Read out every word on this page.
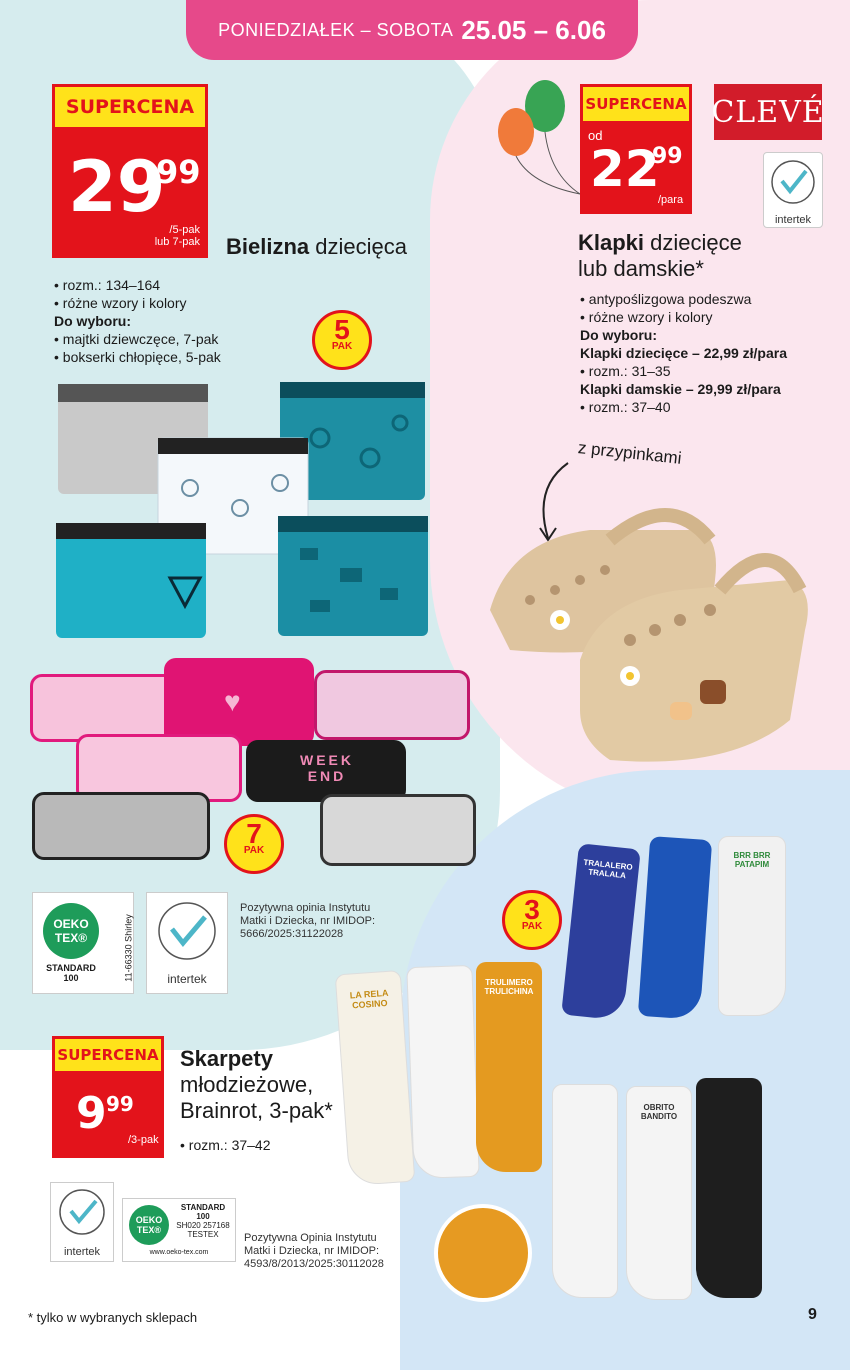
PONIEDZIAŁEK – SOBOTA 25.05 – 6.06
SUPERCENA
29
99
/5-pak
lub 7-pak Bielizna dziecięca
• rozm.: 134–164
• różne wzory i kolory
Do wyboru:
• majtki dziewczęce, 7-pak
• bokserki chłopięce, 5-pak
5
PAK
♥
WEEK END
7
PAK
SUPERCENA
od
22
99
/para
CLEVÉ
intertek
Klapki dziecięce
lub damskie*
• antypoślizgowa podeszwa
• różne wzory i kolory
Do wyboru:
Klapki dziecięce – 22,99 zł/para
• rozm.: 31–35
Klapki damskie – 29,99 zł/para
• rozm.: 37–40
z przypinkami
OEKO
TEX®
STANDARD
100	11-66330 Shirley
intertek
Pozytywna opinia Instytutu
Matki i Dziecka, nr IMIDOP:
5666/2025:31122028
3
PAK
SUPERCENA
9 99
/3-pak
Skarpety
młodzieżowe,
Brainrot, 3-pak*
• rozm.: 37–42
TRALALERO TRALALA
BRR BRR PATAPIM
LA RELA COSINO
TRULIMERO TRULICHINA
OBRITO BANDITO
intertek
OEKO
TEX®
STANDARD
100
SH020 257168
TESTEX
www.oeko-tex.com
Pozytywna Opinia Instytutu
Matki i Dziecka, nr IMIDOP:
4593/8/2013/2025:30112028
* tylko w wybranych sklepach	9
